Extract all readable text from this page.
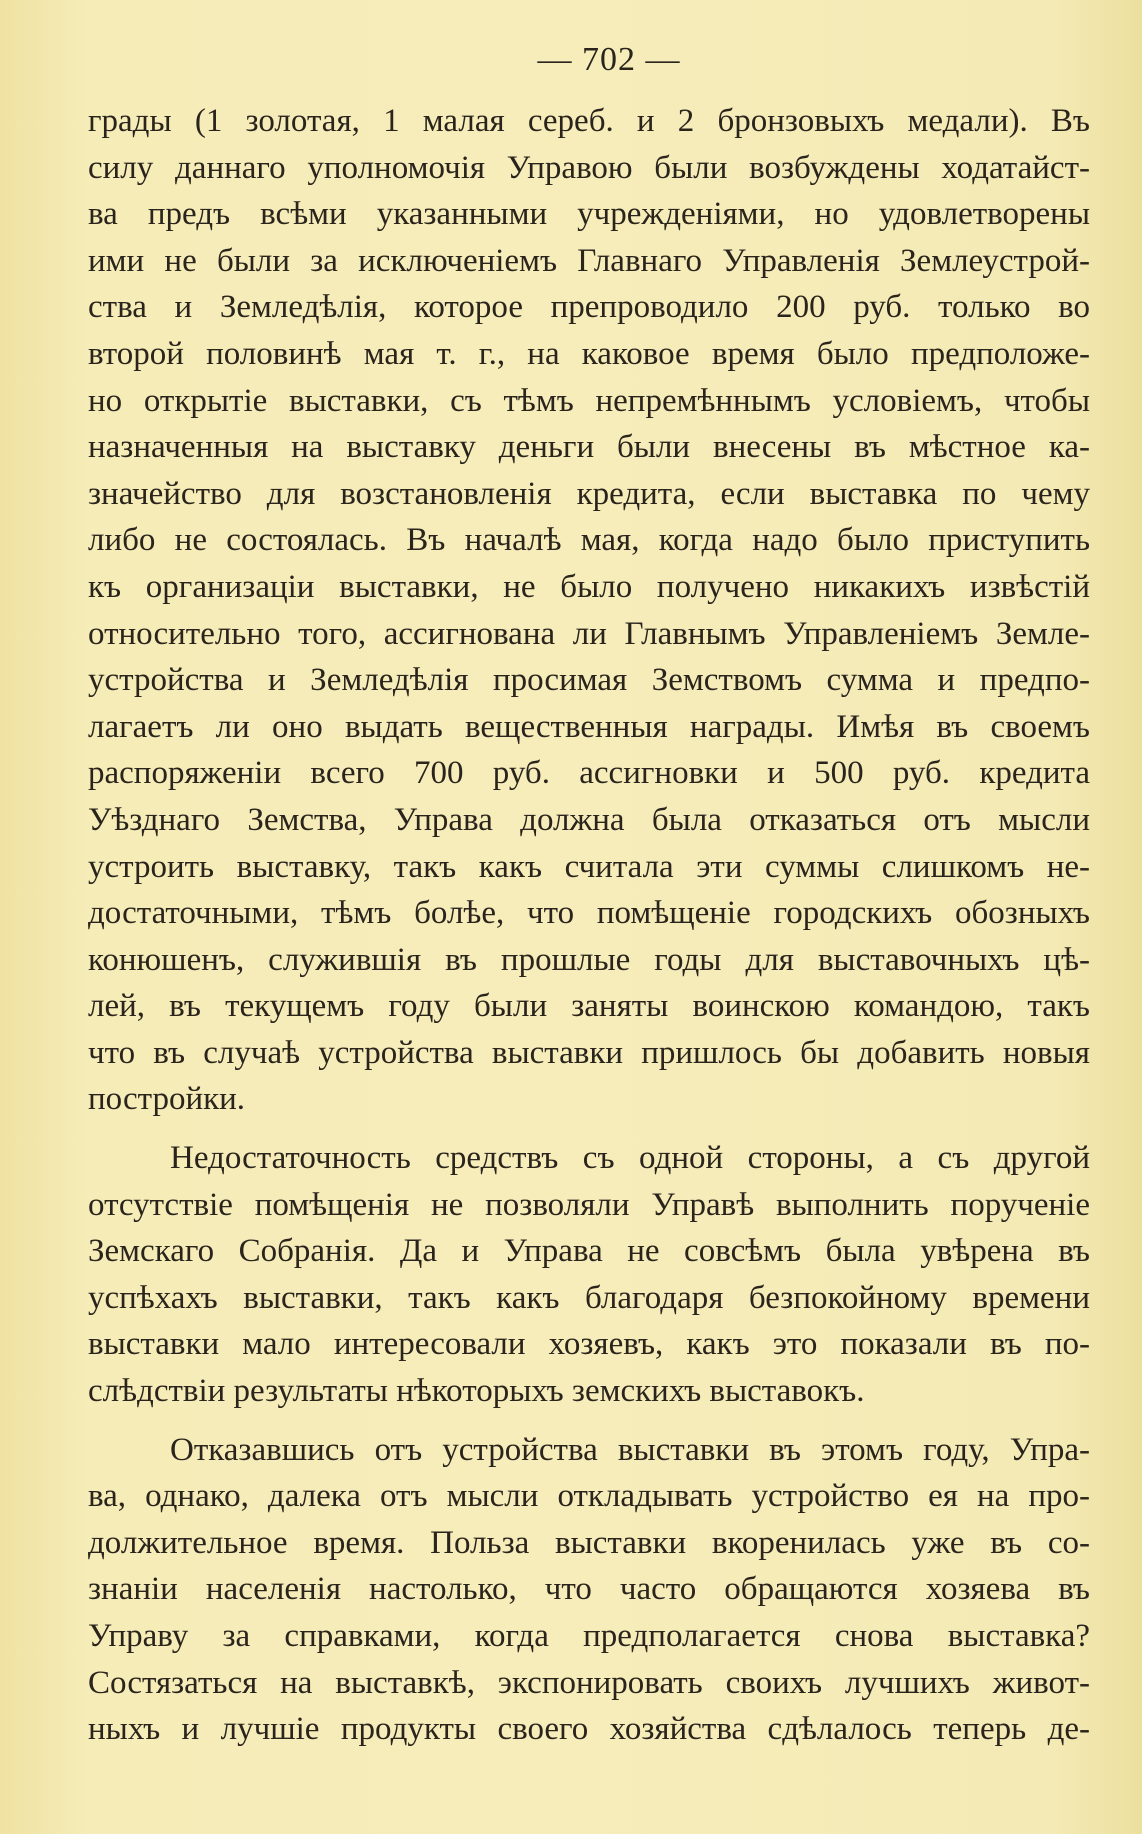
— 702 —
грады (1 золотая, 1 малая сереб. и 2 бронзовыхъ медали). Въ
силу даннаго уполномочія Управою были возбуждены ходатайст-
ва предъ всѣми указанными учрежденіями, но удовлетворены
ими не были за исключеніемъ Главнаго Управленія Землеустрой-
ства и Земледѣлія, которое препроводило 200 руб. только во
второй половинѣ мая т. г., на каковое время было предположе-
но открытіе выставки, съ тѣмъ непремѣннымъ условіемъ, чтобы
назначенныя на выставку деньги были внесены въ мѣстное ка-
значейство для возстановленія кредита, если выставка по чему
либо не состоялась. Въ началѣ мая, когда надо было приступить
къ организаціи выставки, не было получено никакихъ извѣстій
относительно того, ассигнована ли Главнымъ Управленіемъ Земле-
устройства и Земледѣлія просимая Земствомъ сумма и предпо-
лагаетъ ли оно выдать вещественныя награды. Имѣя въ своемъ
распоряженіи всего 700 руб. ассигновки и 500 руб. кредита
Уѣзднаго Земства, Управа должна была отказаться отъ мысли
устроить выставку, такъ какъ считала эти суммы слишкомъ не-
достаточными, тѣмъ болѣе, что помѣщеніе городскихъ обозныхъ
конюшенъ, служившія въ прошлые годы для выставочныхъ цѣ-
лей, въ текущемъ году были заняты воинскою командою, такъ
что въ случаѣ устройства выставки пришлось бы добавить новыя
постройки.
Недостаточность средствъ съ одной стороны, а съ другой
отсутствіе помѣщенія не позволяли Управѣ выполнить порученіе
Земскаго Собранія. Да и Управа не совсѣмъ была увѣрена въ
успѣхахъ выставки, такъ какъ благодаря безпокойному времени
выставки мало интересовали хозяевъ, какъ это показали въ по-
слѣдствіи результаты нѣкоторыхъ земскихъ выставокъ.
Отказавшись отъ устройства выставки въ этомъ году, Упра-
ва, однако, далека отъ мысли откладывать устройство ея на про-
должительное время. Польза выставки вкоренилась уже въ со-
знаніи населенія настолько, что часто обращаются хозяева въ
Управу за справками, когда предполагается снова выставка?
Состязаться на выставкѣ, экспонировать своихъ лучшихъ живот-
ныхъ и лучшіе продукты своего хозяйства сдѣлалось теперь де-
